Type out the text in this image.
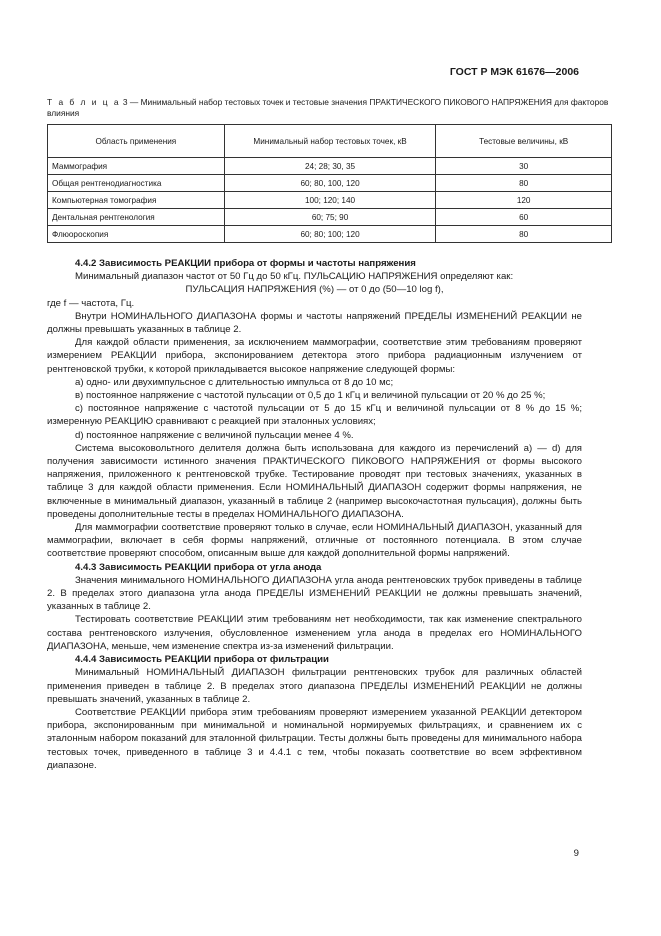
ГОСТ Р МЭК 61676—2006
Т а б л и ц а 3 — Минимальный набор тестовых точек и тестовые значения ПРАКТИЧЕСКОГО ПИКОВОГО НАПРЯЖЕНИЯ для факторов влияния
Область применения	Минимальный набор тестовых точек, кВ	Тестовые величины, кВ
Маммография	24; 28; 30, 35	30
Общая рентгенодиагностика	60; 80, 100, 120	80
Компьютерная томография	100; 120; 140	120
Дентальная рентгенология	60; 75; 90	60
Флюороскопия	60; 80; 100; 120	80

4.4.2 Зависимость РЕАКЦИИ прибора от формы и частоты напряжения

Минимальный диапазон частот от 50 Гц до 50 кГц. ПУЛЬСАЦИЮ НАПРЯЖЕНИЯ определяют как:

ПУЛЬСАЦИЯ НАПРЯЖЕНИЯ (%) — от 0 до (50—10 log f),

где f — частота, Гц.

Внутри НОМИНАЛЬНОГО ДИАПАЗОНА формы и частоты напряжений ПРЕДЕЛЫ ИЗМЕНЕНИЙ РЕАКЦИИ не должны превышать указанных в таблице 2.

Для каждой области применения, за исключением маммографии, соответствие этим требованиям проверяют измерением РЕАКЦИИ прибора, экспонированием детектора этого прибора радиационным излучением от рентгеновской трубки, к которой прикладывается высокое напряжение следующей формы:

а) одно- или двухимпульсное с длительностью импульса от 8 до 10 мс;

в) постоянное напряжение с частотой пульсации от 0,5 до 1 кГц и величиной пульсации от 20 % до 25 %;

с) постоянное напряжение с частотой пульсации от 5 до 15 кГц и величиной пульсации от 8 % до 15 %; измеренную РЕАКЦИЮ сравнивают с реакцией при эталонных условиях;

d) постоянное напряжение с величиной пульсации менее 4 %.

Система высоковольтного делителя должна быть использована для каждого из перечислений а) — d) для получения зависимости истинного значения ПРАКТИЧЕСКОГО ПИКОВОГО НАПРЯЖЕНИЯ от формы высокого напряжения, приложенного к рентгеновской трубке. Тестирование проводят при тестовых значениях, указанных в таблице 3 для каждой области применения. Если НОМИНАЛЬНЫЙ ДИАПАЗОН содержит формы напряжения, не включенные в минимальный диапазон, указанный в таблице 2 (например высокочастотная пульсация), должны быть проведены дополнительные тесты в пределах НОМИНАЛЬНОГО ДИАПАЗОНА.

Для маммографии соответствие проверяют только в случае, если НОМИНАЛЬНЫЙ ДИАПАЗОН, указанный для маммографии, включает в себя формы напряжений, отличные от постоянного потенциала. В этом случае соответствие проверяют способом, описанным выше для каждой дополнительной формы напряжений.

4.4.3 Зависимость РЕАКЦИИ прибора от угла анода

Значения минимального НОМИНАЛЬНОГО ДИАПАЗОНА угла анода рентгеновских трубок приведены в таблице 2. В пределах этого диапазона угла анода ПРЕДЕЛЫ ИЗМЕНЕНИЙ РЕАКЦИИ не должны превышать значений, указанных в таблице 2.

Тестировать соответствие РЕАКЦИИ этим требованиям нет необходимости, так как изменение спектрального состава рентгеновского излучения, обусловленное изменением угла анода в пределах его НОМИНАЛЬНОГО ДИАПАЗОНА, меньше, чем изменение спектра из-за изменений фильтрации.

4.4.4 Зависимость РЕАКЦИИ прибора от фильтрации

Минимальный НОМИНАЛЬНЫЙ ДИАПАЗОН фильтрации рентгеновских трубок для различных областей применения приведен в таблице 2. В пределах этого диапазона ПРЕДЕЛЫ ИЗМЕНЕНИЙ РЕАКЦИИ не должны превышать значений, указанных в таблице 2.

Соответствие РЕАКЦИИ прибора этим требованиям проверяют измерением указанной РЕАКЦИИ детектором прибора, экспонированным при минимальной и номинальной нормируемых фильтрациях, и сравнением их с эталонным набором показаний для эталонной фильтрации. Тесты должны быть проведены для минимального набора тестовых точек, приведенного в таблице 3 и 4.4.1 с тем, чтобы показать соответствие во всем эффективном диапазоне.

9
